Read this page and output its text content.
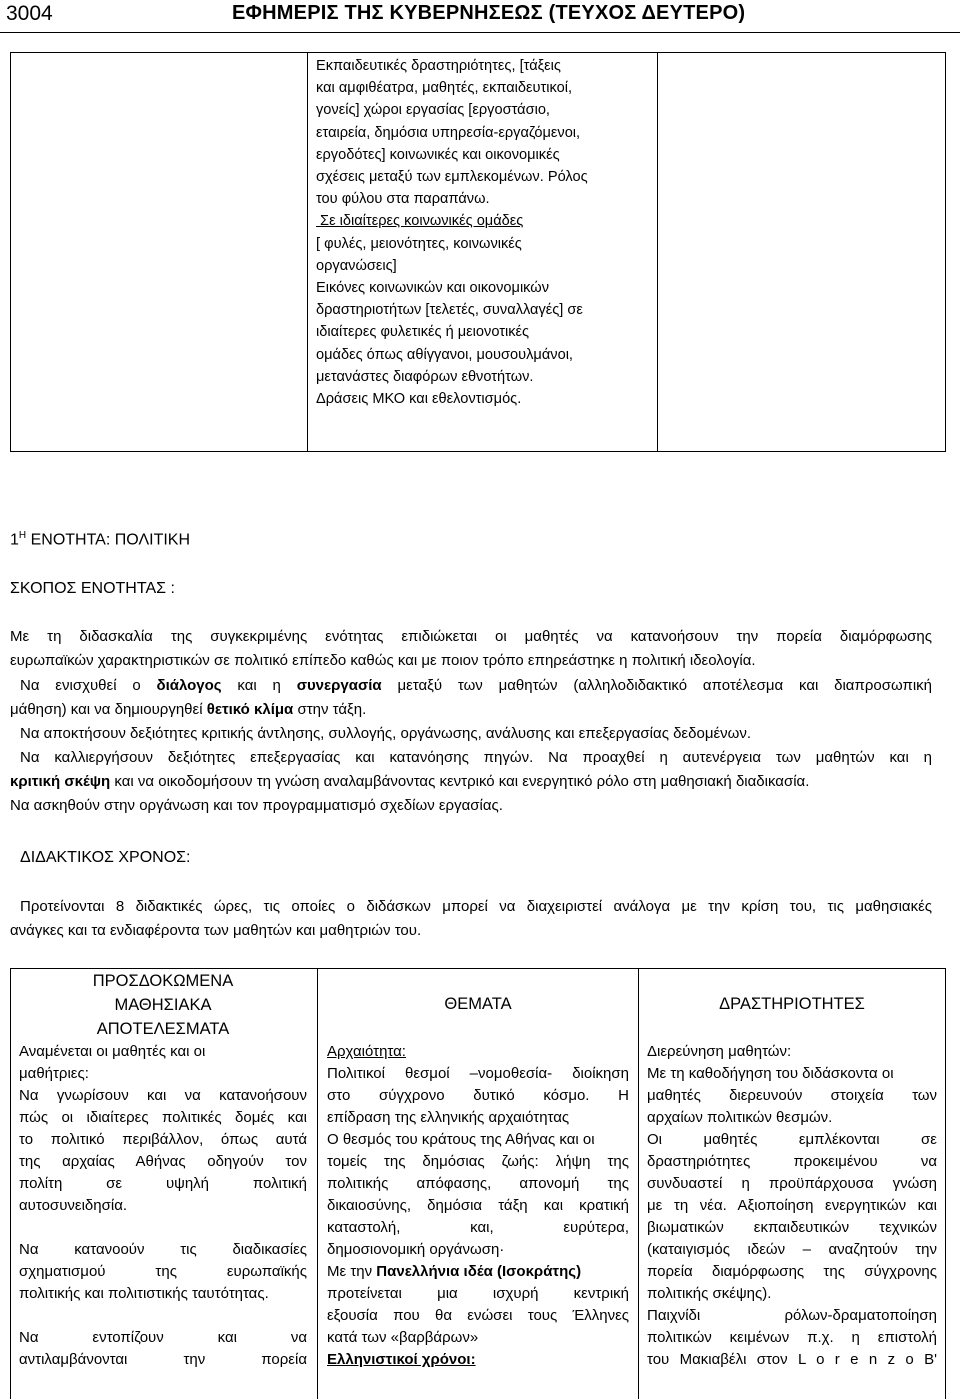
3004	ΕΦΗΜΕΡΙΣ ΤΗΣ ΚΥΒΕΡΝΗΣΕΩΣ (ΤΕΥΧΟΣ ΔΕΥΤΕΡΟ)
Εκπαιδευτικές δραστηριότητες, [τάξεις
και αμφιθέατρα, μαθητές, εκπαιδευτικοί,
γονείς] χώροι εργασίας [εργοστάσιο,
εταιρεία, δημόσια υπηρεσία-εργαζόμενοι,
εργοδότες] κοινωνικές και οικονομικές
σχέσεις μεταξύ των εμπλεκομένων. Ρόλος
του φύλου στα παραπάνω.
Σε ιδιαίτερες κοινωνικές ομάδες
[ φυλές, μειονότητες, κοινωνικές
οργανώσεις]
Εικόνες κοινωνικών και οικονομικών
δραστηριοτήτων [τελετές, συναλλαγές] σε
ιδιαίτερες φυλετικές ή μειονοτικές
ομάδες όπως αθίγγανοι, μουσουλμάνοι,
μετανάστες διαφόρων εθνοτήτων.
Δράσεις ΜΚΟ και εθελοντισμός.
$1^H$ ΕΝΟΤΗΤΑ: ΠΟΛΙΤΙΚΗ
ΣΚΟΠΟΣ ΕΝΟΤΗΤΑΣ :
Με τη διδασκαλία της συγκεκριμένης ενότητας επιδιώκεται οι μαθητές να κατανοήσουν την πορεία διαμόρφωσης
ευρωπαϊκών χαρακτηριστικών σε πολιτικό επίπεδο καθώς και με ποιον τρόπο επηρεάστηκε η πολιτική ιδεολογία.
Να ενισχυθεί ο διάλογος και η συνεργασία μεταξύ των μαθητών (αλληλοδιδακτικό αποτέλεσμα και διαπροσωπική
μάθηση) και να δημιουργηθεί θετικό κλίμα στην τάξη.
Να αποκτήσουν δεξιότητες κριτικής άντλησης, συλλογής, οργάνωσης, ανάλυσης και επεξεργασίας δεδομένων.
Να καλλιεργήσουν δεξιότητες επεξεργασίας και κατανόησης πηγών. Να προαχθεί η αυτενέργεια των μαθητών και η
κριτική σκέψη και να οικοδομήσουν τη γνώση αναλαμβάνοντας κεντρικό και ενεργητικό ρόλο στη μαθησιακή διαδικασία.
Να ασκηθούν στην οργάνωση και τον προγραμματισμό σχεδίων εργασίας.
ΔΙΔΑΚΤΙΚΟΣ ΧΡΟΝΟΣ:
Προτείνονται 8 διδακτικές ώρες, τις οποίες ο διδάσκων μπορεί να διαχειριστεί ανάλογα με την κρίση του, τις μαθησιακές
ανάγκες και τα ενδιαφέροντα των μαθητών και μαθητριών του.
ΠΡΟΣΔΟΚΩΜΕΝΑ
ΜΑΘΗΣΙΑΚΑ
ΑΠΟΤΕΛΕΣΜΑΤΑ
Αναμένεται οι μαθητές και οι
μαθήτριες:
Να γνωρίσουν και να κατανοήσουν
πώς οι ιδιαίτερες πολιτικές δομές και
το πολιτικό περιβάλλον, όπως αυτά
της αρχαίας Αθήνας οδηγούν τον
πολίτη σε υψηλή πολιτική
αυτοσυνειδησία.
Να κατανοούν τις διαδικασίες
σχηματισμού της ευρωπαϊκής
πολιτικής και πολιτιστικής ταυτότητας.
Να εντοπίζουν και να
αντιλαμβάνονται την πορεία
ΘΕΜΑΤΑ
Αρχαιότητα:
Πολιτικοί θεσμοί –νομοθεσία- διοίκηση
στο σύγχρονο δυτικό κόσμο. Η
επίδραση της ελληνικής αρχαιότητας
Ο θεσμός του κράτους της Αθήνας και οι
τομείς της δημόσιας ζωής: λήψη της
πολιτικής απόφασης, απονομή της
δικαιοσύνης, δημόσια τάξη και κρατική
καταστολή, και, ευρύτερα,
δημοσιονομική οργάνωση·
Με την Πανελλήνια ιδέα (Ισοκράτης)
προτείνεται μια ισχυρή κεντρική
εξουσία που θα ενώσει τους Έλληνες
κατά των «βαρβάρων»
Ελληνιστικοί χρόνοι:
ΔΡΑΣΤΗΡΙΟΤΗΤΕΣ
Διερεύνηση μαθητών:
Με τη καθοδήγηση του διδάσκοντα οι
μαθητές διερευνούν στοιχεία των
αρχαίων πολιτικών θεσμών.
Οι μαθητές εμπλέκονται σε
δραστηριότητες προκειμένου να
συνδυαστεί η προϋπάρχουσα γνώση
με τη νέα. Αξιοποίηση ενεργητικών και
βιωματικών εκπαιδευτικών τεχνικών
(καταιγισμός ιδεών – αναζητούν την
πορεία διαμόρφωσης της σύγχρονης
πολιτικής σκέψης).
Παιχνίδι ρόλων-δραματοποίηση
πολιτικών κειμένων π.χ. η επιστολή
του Μακιαβέλι στον L o r e n z o B'
